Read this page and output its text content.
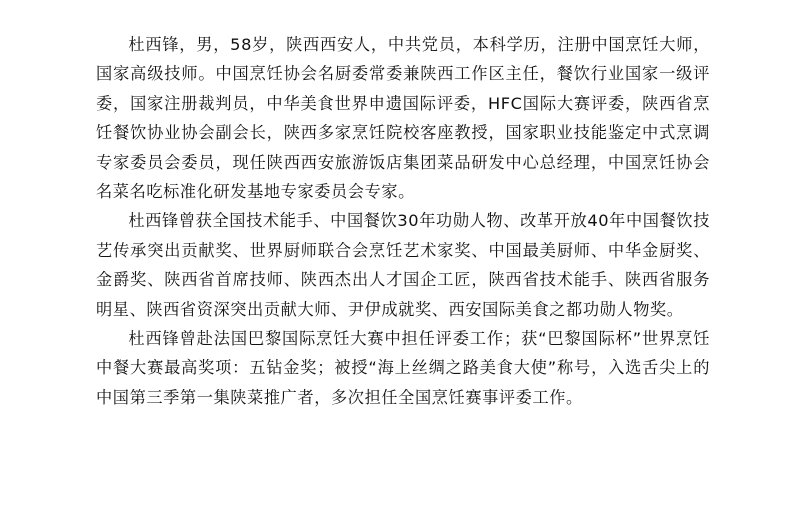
杜西锋，男，58岁，陕西西安人，中共党员，本科学历，注册中国烹饪大师，国家高级技师。中国烹饪协会名厨委常委兼陕西工作区主任，餐饮行业国家一级评委，国家注册裁判员，中华美食世界申遗国际评委，HFC国际大赛评委，陕西省烹饪餐饮协业协会副会长，陕西多家烹饪院校客座教授，国家职业技能鉴定中式烹调专家委员会委员，现任陕西西安旅游饭店集团菜品研发中心总经理，中国烹饪协会名菜名吃标准化研发基地专家委员会专家。

杜西锋曾获全国技术能手、中国餐饮30年功勋人物、改革开放40年中国餐饮技艺传承突出贡献奖、世界厨师联合会烹饪艺术家奖、中国最美厨师、中华金厨奖、金爵奖、陕西省首席技师、陕西杰出人才国企工匠，陕西省技术能手、陕西省服务明星、陕西省资深突出贡献大师、尹伊成就奖、西安国际美食之都功勋人物奖。

杜西锋曾赴法国巴黎国际烹饪大赛中担任评委工作；获“巴黎国际杯”世界烹饪中餐大赛最高奖项：五钻金奖；被授“海上丝绸之路美食大使”称号，入选舌尖上的中国第三季第一集陕菜推广者，多次担任全国烹饪赛事评委工作。
